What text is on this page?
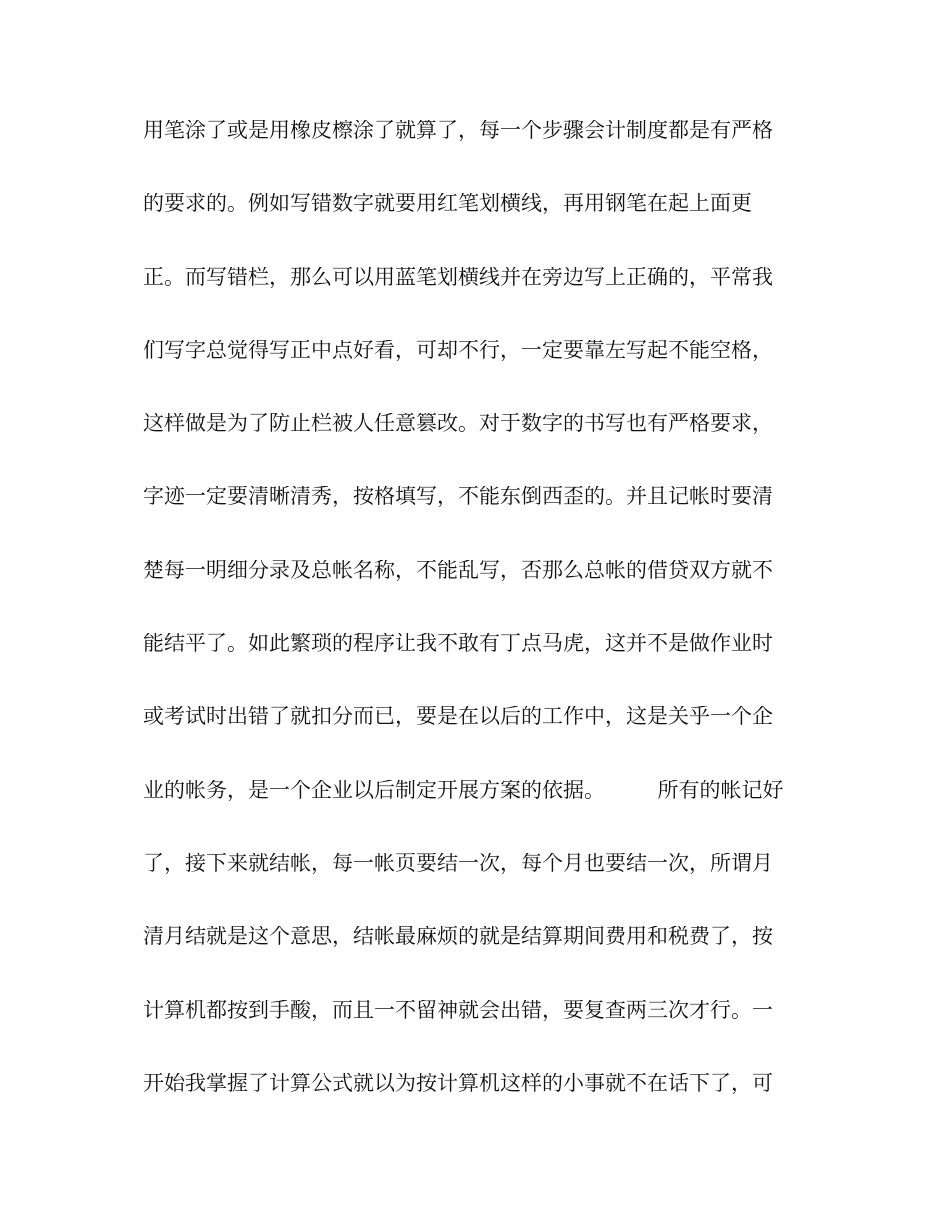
用笔涂了或是用橡皮檫涂了就算了，每一个步骤会计制度都是有严格
的要求的。例如写错数字就要用红笔划横线，再用钢笔在起上面更
正。而写错栏，那么可以用蓝笔划横线并在旁边写上正确的，平常我
们写字总觉得写正中点好看，可却不行，一定要靠左写起不能空格，
这样做是为了防止栏被人任意篡改。对于数字的书写也有严格要求，
字迹一定要清晰清秀，按格填写，不能东倒西歪的。并且记帐时要清
楚每一明细分录及总帐名称，不能乱写，否那么总帐的借贷双方就不
能结平了。如此繁琐的程序让我不敢有丁点马虎，这并不是做作业时
或考试时出错了就扣分而已，要是在以后的工作中，这是关乎一个企
业的帐务，是一个企业以后制定开展方案的依据。　　　所有的帐记好
了，接下来就结帐，每一帐页要结一次，每个月也要结一次，所谓月
清月结就是这个意思，结帐最麻烦的就是结算期间费用和税费了，按
计算机都按到手酸，而且一不留神就会出错，要复查两三次才行。一
开始我掌握了计算公式就以为按计算机这样的小事就不在话下了，可
